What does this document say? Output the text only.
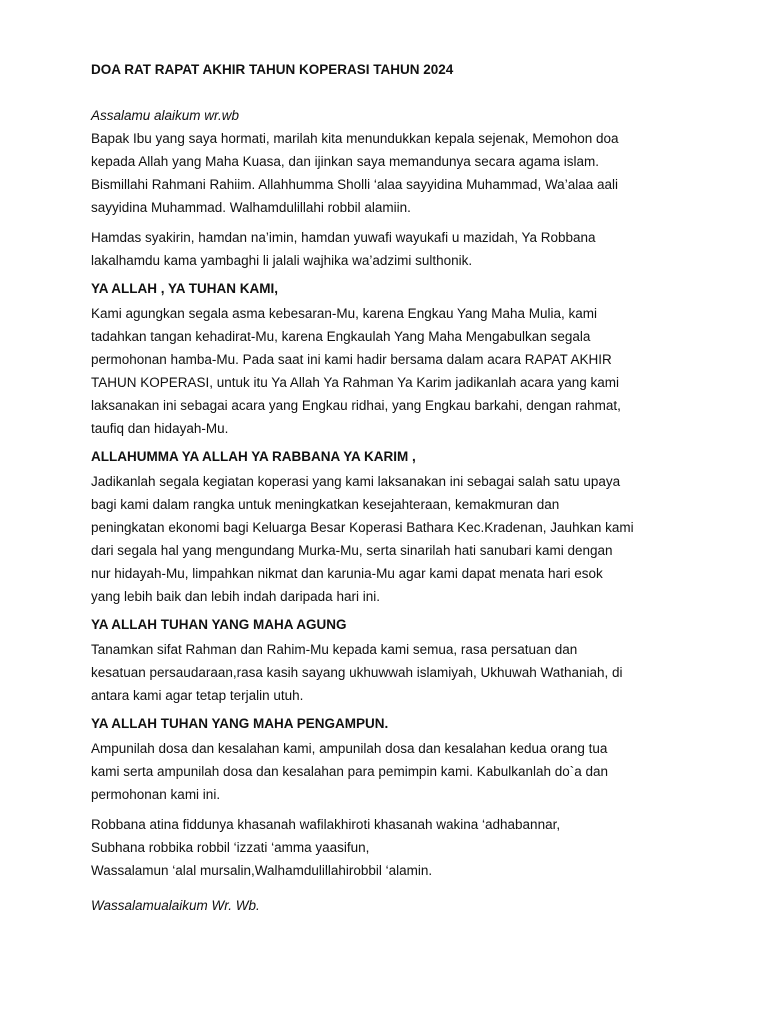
DOA RAT RAPAT AKHIR TAHUN KOPERASI TAHUN 2024
Assalamu alaikum wr.wb
Bapak Ibu yang saya hormati, marilah kita menundukkan kepala sejenak, Memohon doa
kepada Allah yang Maha Kuasa, dan ijinkan saya memandunya secara agama islam.
Bismillahi Rahmani Rahiim. Allahhumma Sholli ‘alaa sayyidina Muhammad, Wa’alaa aali
sayyidina Muhammad. Walhamdulillahi robbil alamiin.
Hamdas syakirin, hamdan na’imin, hamdan yuwafi wayukafi u mazidah, Ya Robbana
lakalhamdu kama yambaghi li jalali wajhika wa’adzimi sulthonik.
YA ALLAH , YA TUHAN KAMI,
Kami agungkan segala asma kebesaran-Mu, karena Engkau Yang Maha Mulia, kami
tadahkan tangan kehadirat-Mu, karena Engkaulah Yang Maha Mengabulkan segala
permohonan hamba-Mu. Pada saat ini kami hadir bersama dalam acara RAPAT AKHIR
TAHUN KOPERASI, untuk itu Ya Allah Ya Rahman Ya Karim jadikanlah acara yang kami
laksanakan ini sebagai acara yang Engkau ridhai, yang Engkau barkahi, dengan rahmat,
taufiq dan hidayah-Mu.
ALLAHUMMA YA ALLAH YA RABBANA YA KARIM ,
Jadikanlah segala kegiatan koperasi yang kami laksanakan ini sebagai salah satu upaya
bagi kami dalam rangka untuk meningkatkan kesejahteraan, kemakmuran dan
peningkatan ekonomi bagi Keluarga Besar Koperasi Bathara Kec.Kradenan, Jauhkan kami
dari segala hal yang mengundang Murka-Mu, serta sinarilah hati sanubari kami dengan
nur hidayah-Mu, limpahkan nikmat dan karunia-Mu agar kami dapat menata hari esok
yang lebih baik dan lebih indah daripada hari ini.
YA ALLAH TUHAN YANG MAHA AGUNG
Tanamkan sifat Rahman dan Rahim-Mu kepada kami semua, rasa persatuan dan
kesatuan persaudaraan,rasa kasih sayang ukhuwwah islamiyah, Ukhuwah Wathaniah, di
antara kami agar tetap terjalin utuh.
YA ALLAH TUHAN YANG MAHA PENGAMPUN.
Ampunilah dosa dan kesalahan kami, ampunilah dosa dan kesalahan kedua orang tua
kami serta ampunilah dosa dan kesalahan para pemimpin kami. Kabulkanlah do`a dan
permohonan kami ini.
Robbana atina fiddunya khasanah wafilakhiroti khasanah wakina ‘adhabannar,
Subhana robbika robbil ‘izzati ‘amma yaasifun,
Wassalamun ‘alal mursalin,Walhamdulillahirobbil ‘alamin.
Wassalamualaikum Wr. Wb.
